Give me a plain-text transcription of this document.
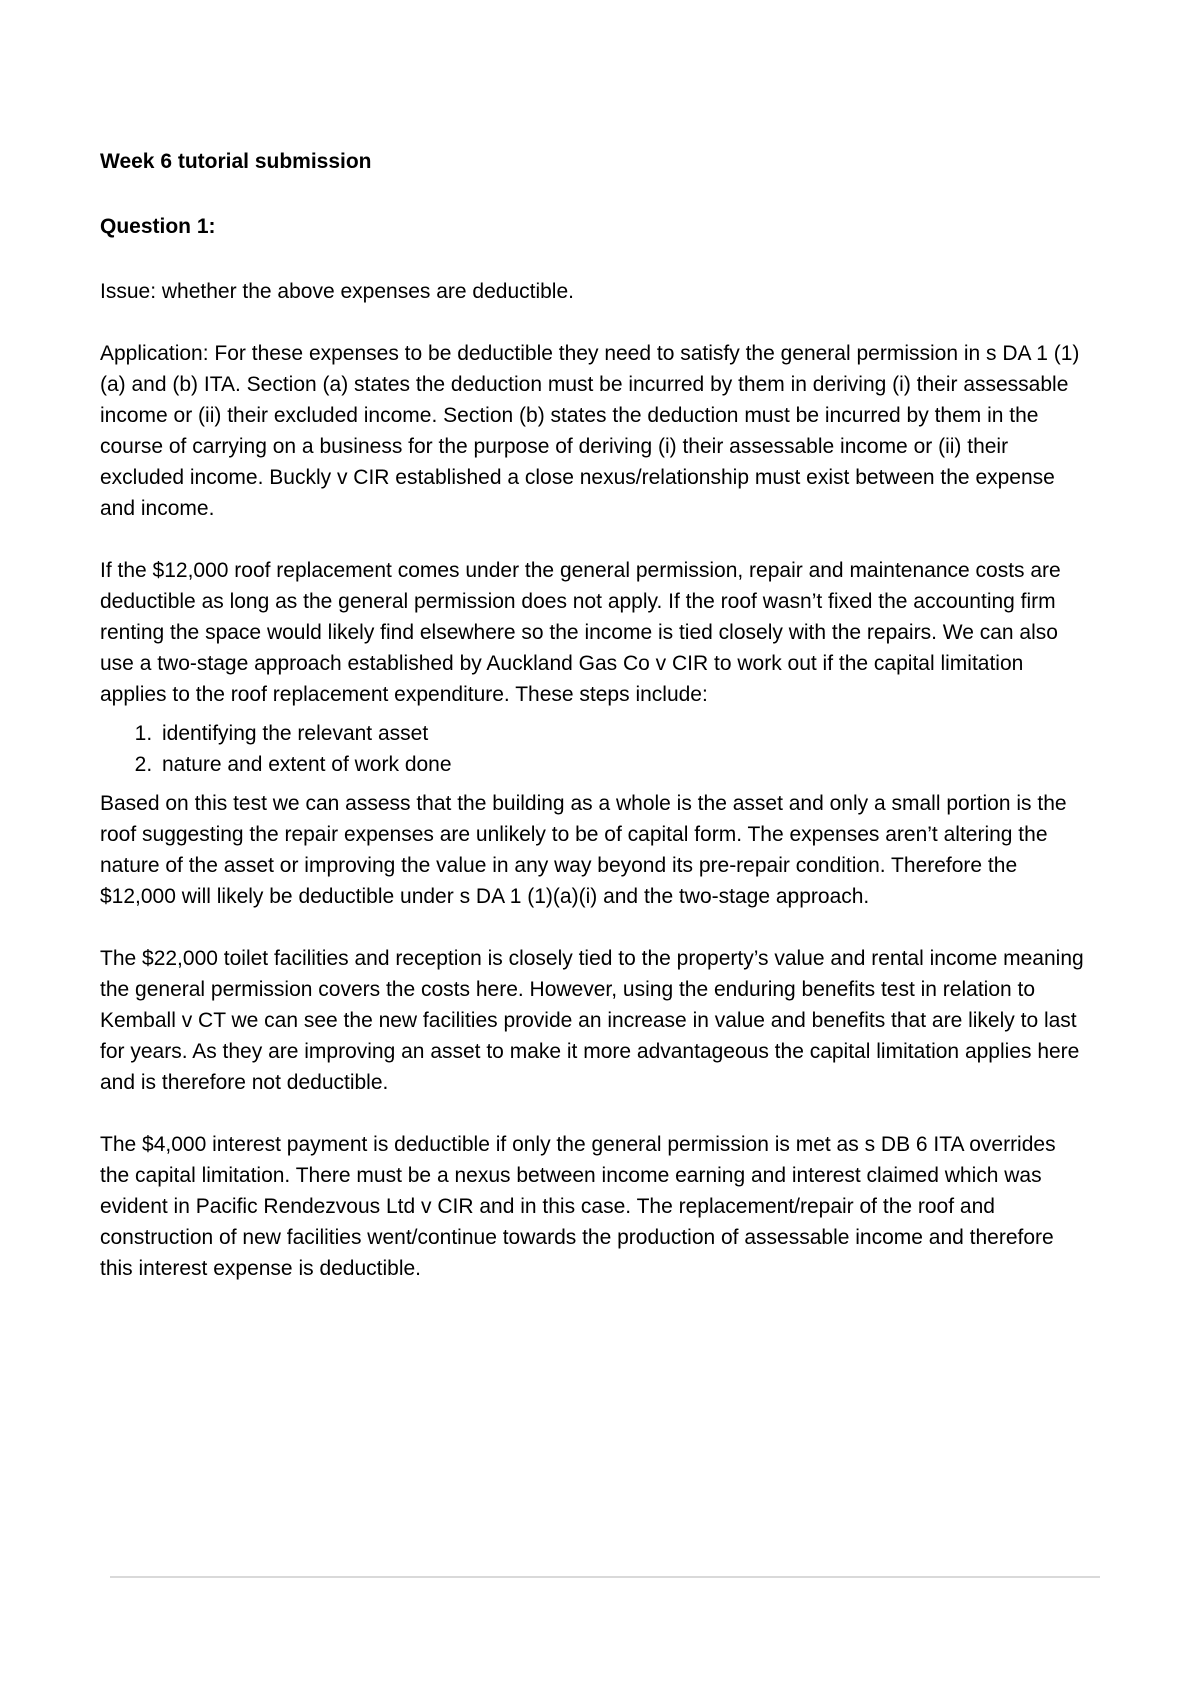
Week 6 tutorial submission
Question 1:

Issue: whether the above expenses are deductible.

Application: For these expenses to be deductible they need to satisfy the general permission in s DA 1 (1)(a) and (b) ITA. Section (a) states the deduction must be incurred by them in deriving (i) their assessable income or (ii) their excluded income. Section (b) states the deduction must be incurred by them in the course of carrying on a business for the purpose of deriving (i) their assessable income or (ii) their excluded income. Buckly v CIR established a close nexus/relationship must exist between the expense and income.

If the $12,000 roof replacement comes under the general permission, repair and maintenance costs are deductible as long as the general permission does not apply. If the roof wasn’t fixed the accounting firm renting the space would likely find elsewhere so the income is tied closely with the repairs. We can also use a two-stage approach established by Auckland Gas Co v CIR to work out if the capital limitation applies to the roof replacement expenditure. These steps include:

1. identifying the relevant asset
2. nature and extent of work done

Based on this test we can assess that the building as a whole is the asset and only a small portion is the roof suggesting the repair expenses are unlikely to be of capital form. The expenses aren’t altering the nature of the asset or improving the value in any way beyond its pre-repair condition. Therefore the $12,000 will likely be deductible under s DA 1 (1)(a)(i) and the two-stage approach.

The $22,000 toilet facilities and reception is closely tied to the property’s value and rental income meaning the general permission covers the costs here. However, using the enduring benefits test in relation to Kemball v CT we can see the new facilities provide an increase in value and benefits that are likely to last for years. As they are improving an asset to make it more advantageous the capital limitation applies here and is therefore not deductible.

The $4,000 interest payment is deductible if only the general permission is met as s DB 6 ITA overrides the capital limitation. There must be a nexus between income earning and interest claimed which was evident in Pacific Rendezvous Ltd v CIR and in this case. The replacement/repair of the roof and construction of new facilities went/continue towards the production of assessable income and therefore this interest expense is deductible.
